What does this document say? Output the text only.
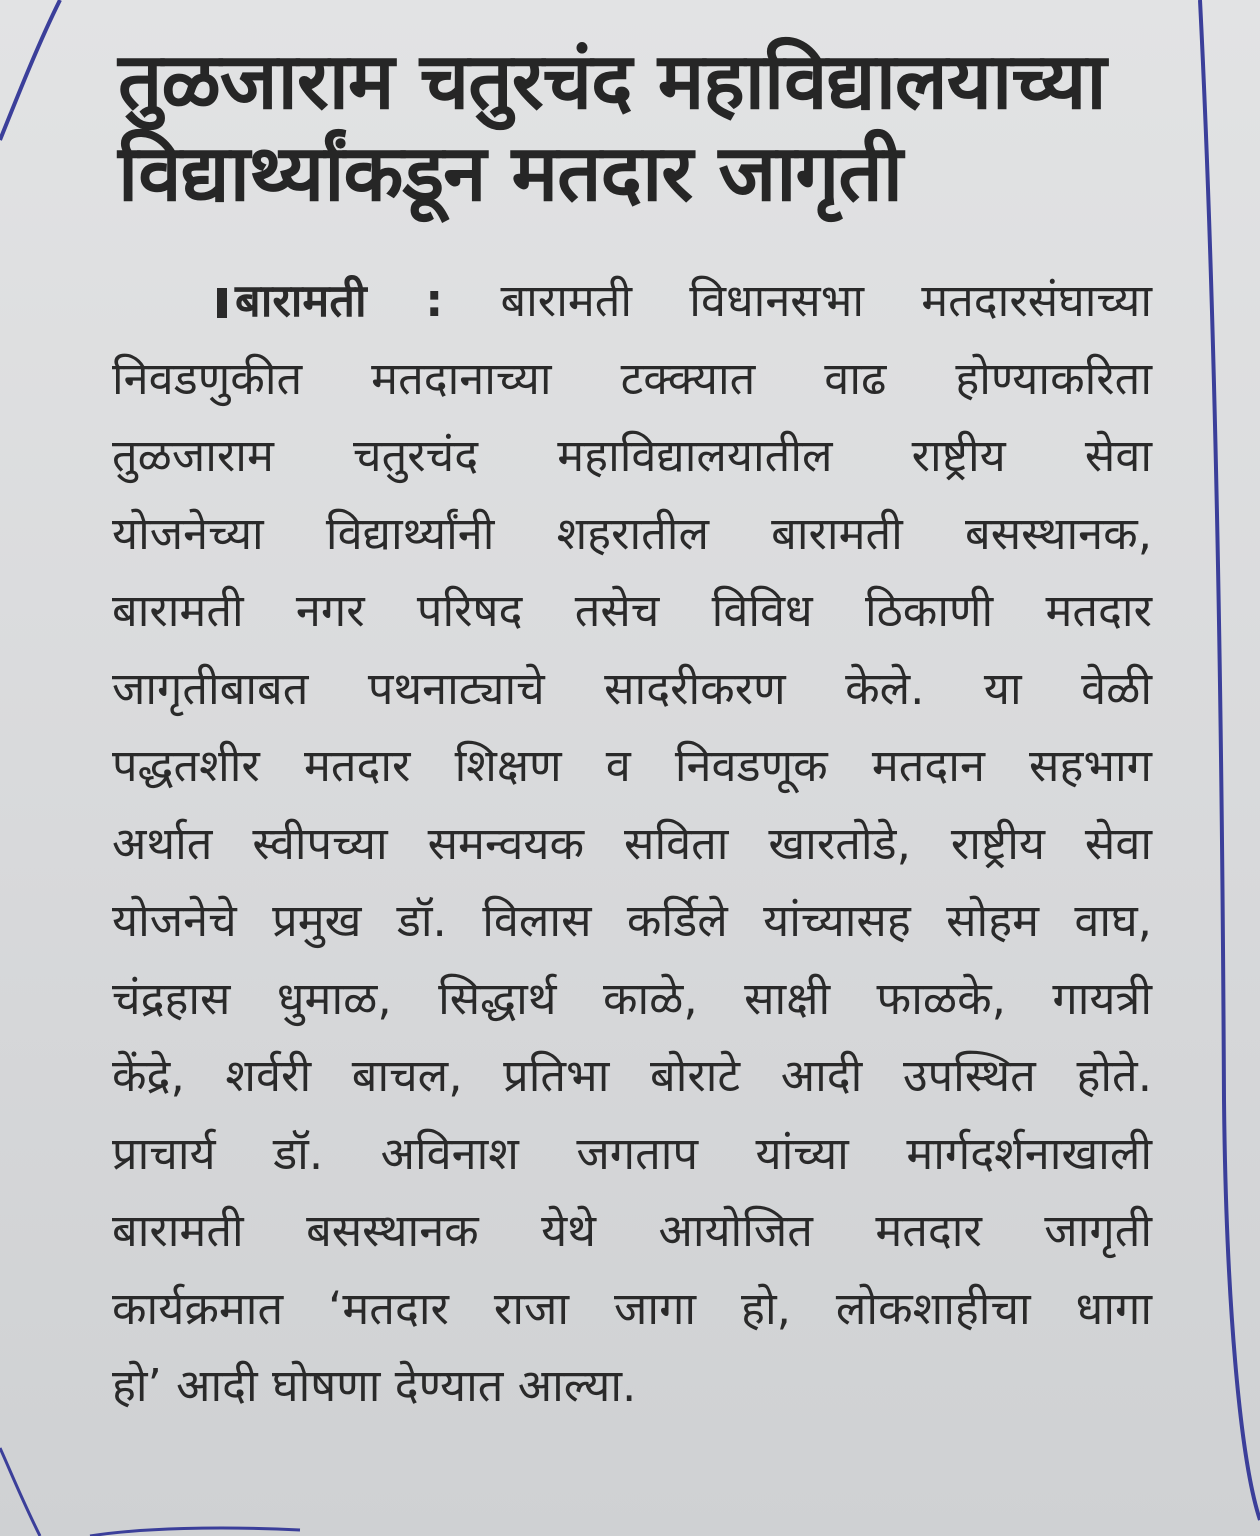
तुळजाराम चतुरचंद महाविद्यालयाच्या
विद्यार्थ्यांकडून मतदार जागृती
बारामती : बारामती विधानसभा मतदारसंघाच्या
निवडणुकीत मतदानाच्या टक्क्यात वाढ होण्याकरिता
तुळजाराम चतुरचंद महाविद्यालयातील राष्ट्रीय सेवा
योजनेच्या विद्यार्थ्यांनी शहरातील बारामती बसस्थानक,
बारामती नगर परिषद तसेच विविध ठिकाणी मतदार
जागृतीबाबत पथनाट्याचे सादरीकरण केले. या वेळी
पद्धतशीर मतदार शिक्षण व निवडणूक मतदान सहभाग
अर्थात स्वीपच्या समन्वयक सविता खारतोडे, राष्ट्रीय सेवा
योजनेचे प्रमुख डॉ. विलास कर्डिले यांच्यासह सोहम वाघ,
चंद्रहास धुमाळ, सिद्धार्थ काळे, साक्षी फाळके, गायत्री
केंद्रे, शर्वरी बाचल, प्रतिभा बोराटे आदी उपस्थित होते.
प्राचार्य डॉ. अविनाश जगताप यांच्या मार्गदर्शनाखाली
बारामती बसस्थानक येथे आयोजित मतदार जागृती
कार्यक्रमात ‘मतदार राजा जागा हो, लोकशाहीचा धागा
हो’ आदी घोषणा देण्यात आल्या.
